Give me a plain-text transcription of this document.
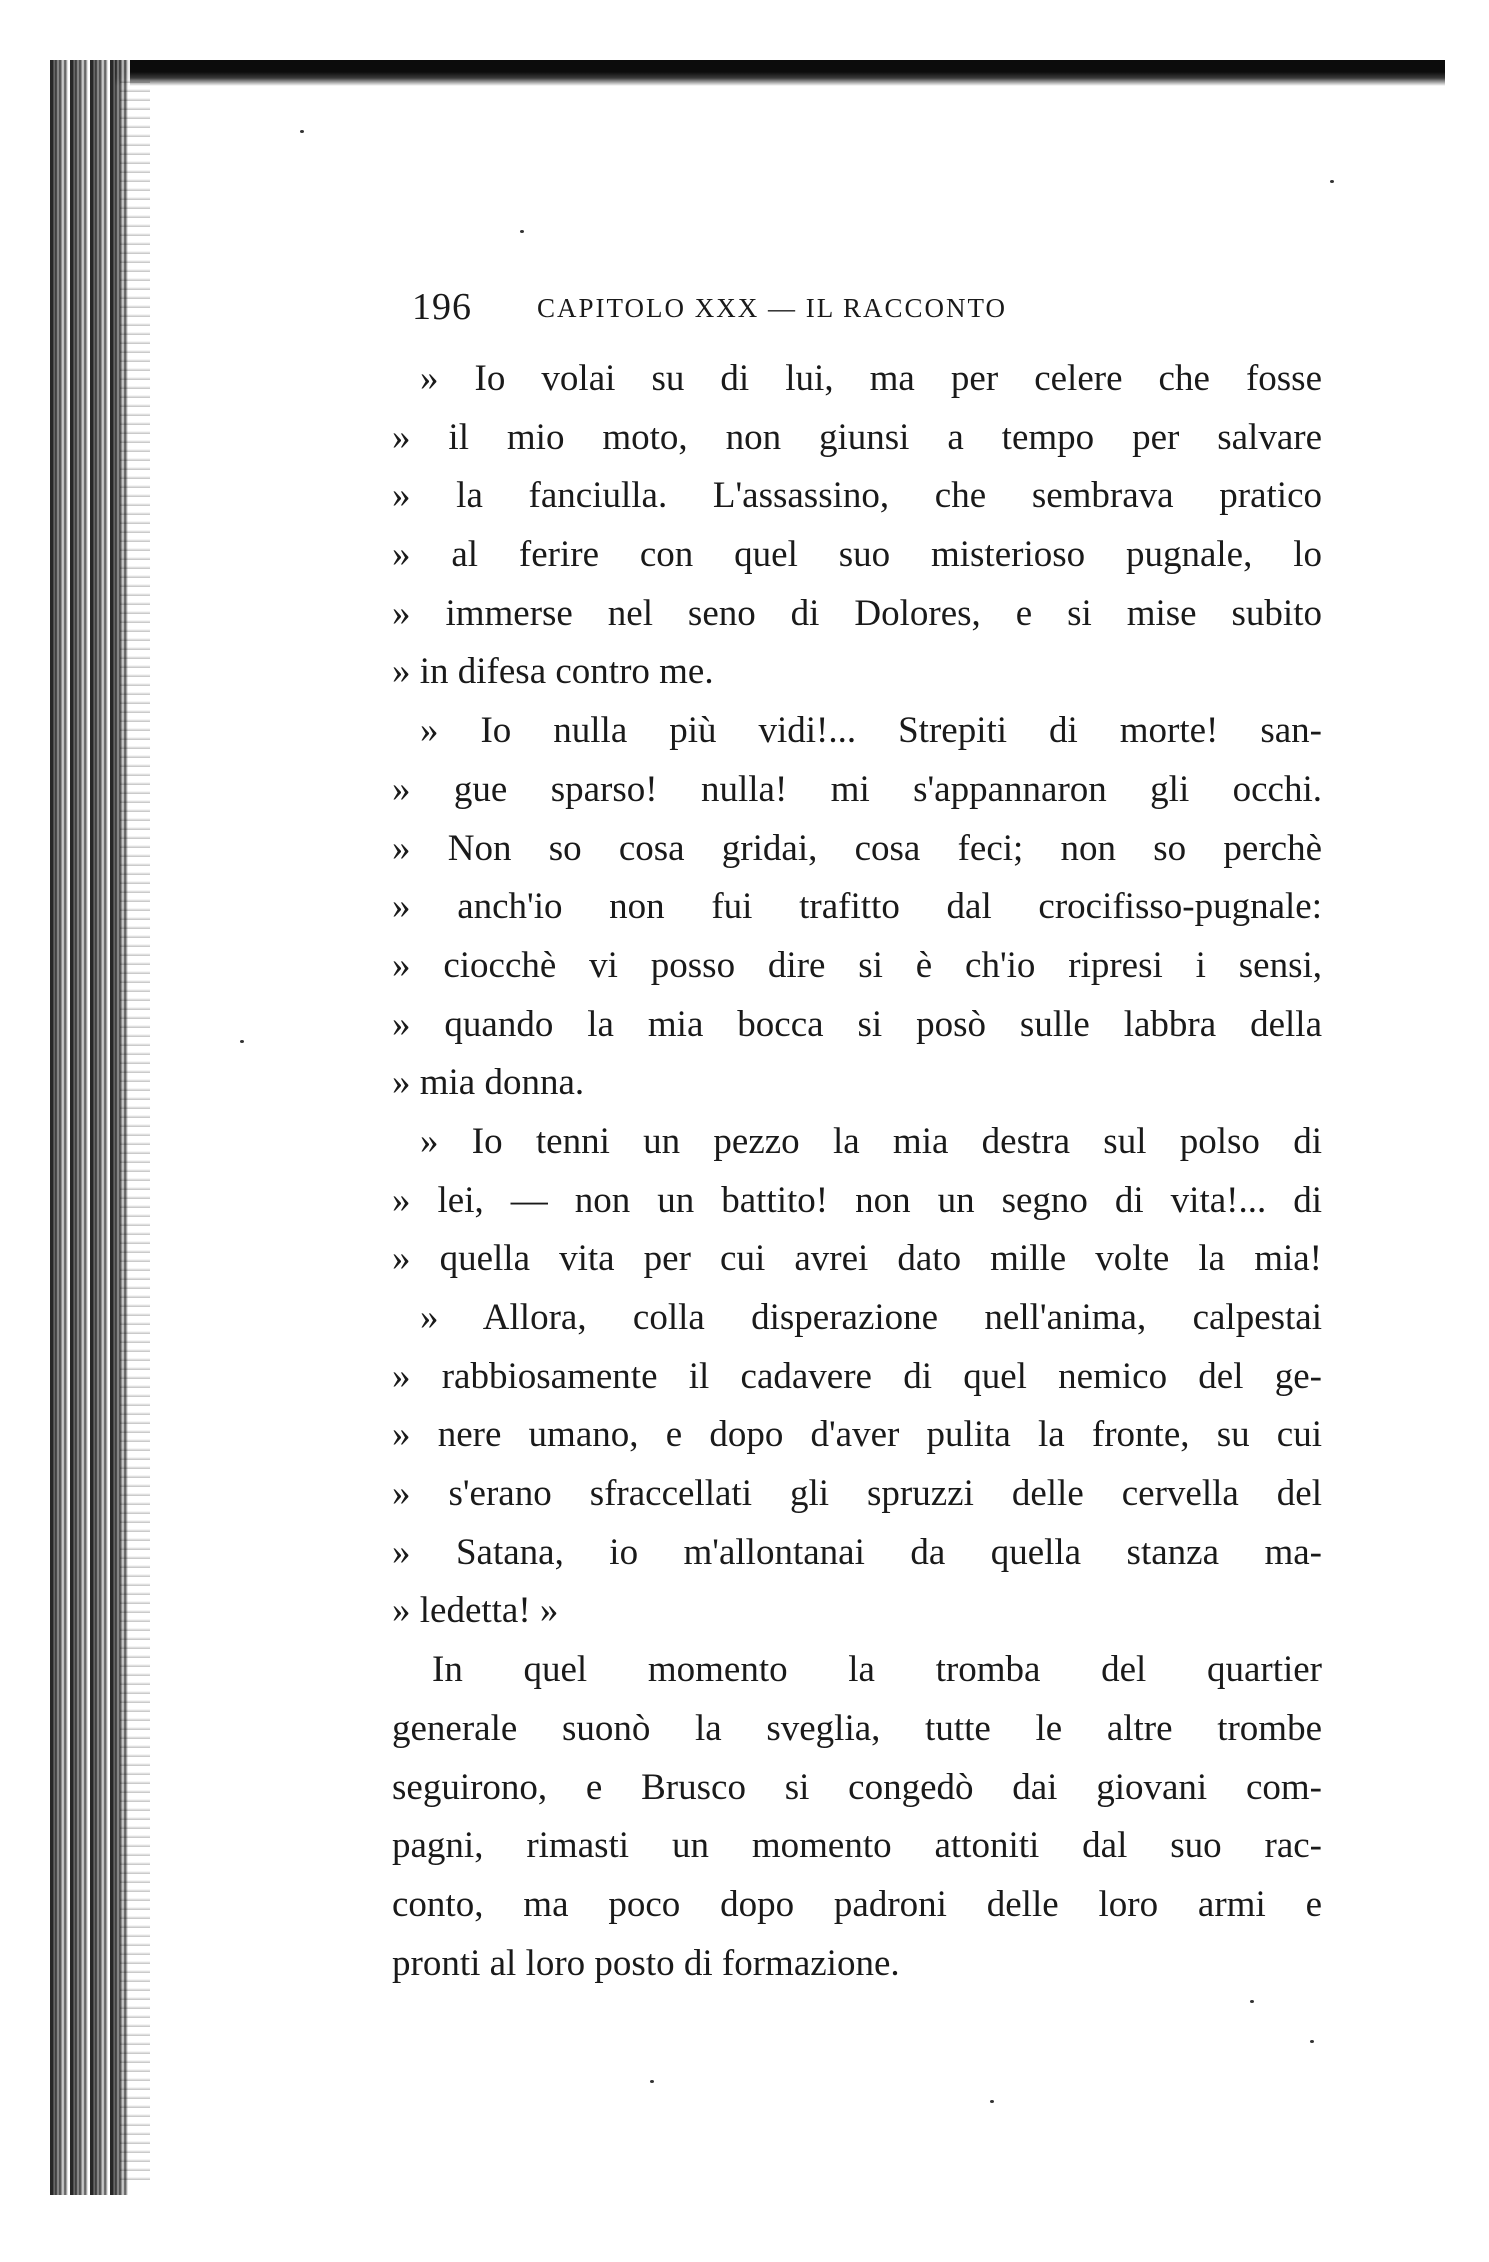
196 CAPITOLO XXX — IL RACCONTO
» Io volai su di lui, ma per celere che fosse
» il mio moto, non giunsi a tempo per salvare
» la fanciulla. L'assassino, che sembrava pratico
» al ferire con quel suo misterioso pugnale, lo
» immerse nel seno di Dolores, e si mise subito
» in difesa contro me.
» Io nulla più vidi!... Strepiti di morte! san-
» gue sparso! nulla! mi s'appannaron gli occhi.
» Non so cosa gridai, cosa feci; non so perchè
» anch'io non fui trafitto dal crocifisso-pugnale:
» ciocchè vi posso dire si è ch'io ripresi i sensi,
» quando la mia bocca si posò sulle labbra della
» mia donna.
» Io tenni un pezzo la mia destra sul polso di
» lei, — non un battito! non un segno di vita!... di
» quella vita per cui avrei dato mille volte la mia!
» Allora, colla disperazione nell'anima, calpestai
» rabbiosamente il cadavere di quel nemico del ge-
» nere umano, e dopo d'aver pulita la fronte, su cui
» s'erano sfraccellati gli spruzzi delle cervella del
» Satana, io m'allontanai da quella stanza ma-
» ledetta! »
In quel momento la tromba del quartier
generale suonò la sveglia, tutte le altre trombe
seguirono, e Brusco si congedò dai giovani com-
pagni, rimasti un momento attoniti dal suo rac-
conto, ma poco dopo padroni delle loro armi e
pronti al loro posto di formazione.
